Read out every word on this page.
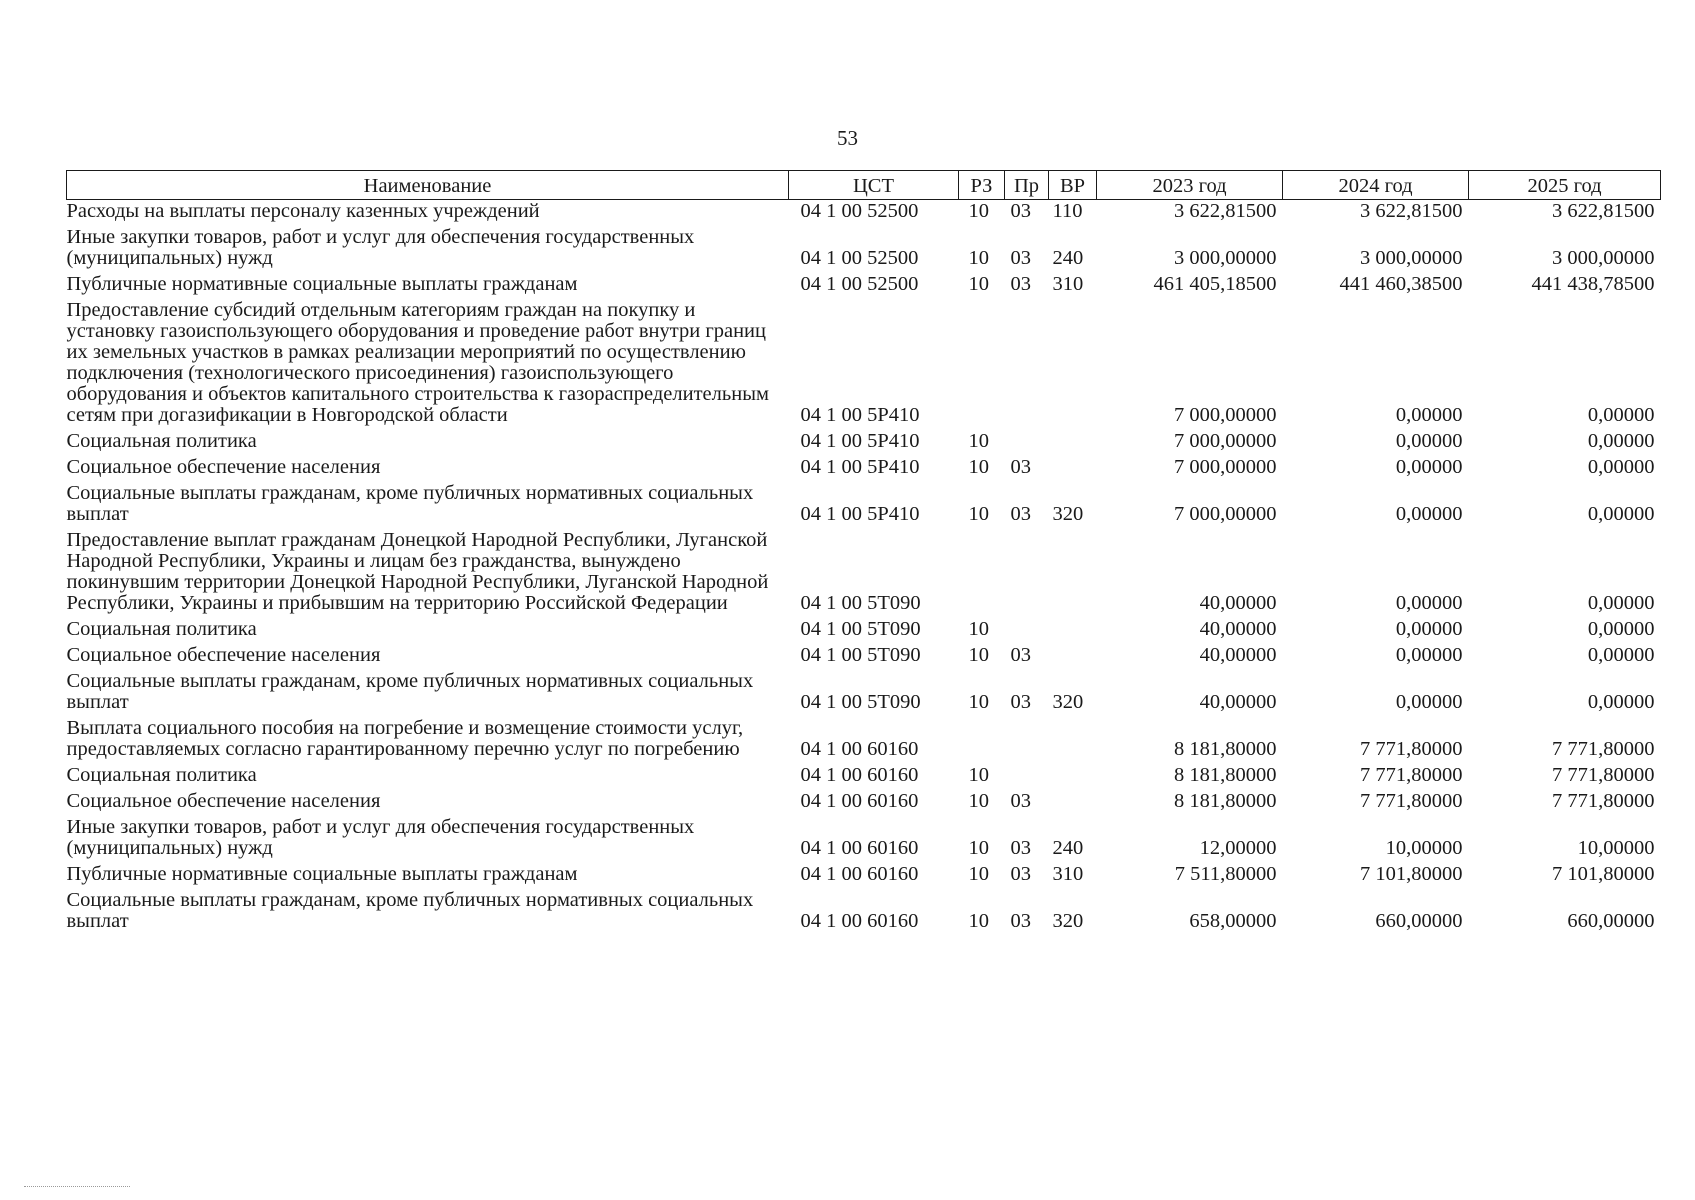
53
Наименование	ЦСТ	РЗ	Пр	ВР	2023 год	2024 год	2025 год
Расходы на выплаты персоналу казенных учреждений	04 1 00 52500	10	03	110	3 622,81500	3 622,81500	3 622,81500
Иные закупки товаров, работ и услуг для обеспечения государственных (муниципальных) нужд	04 1 00 52500	10	03	240	3 000,00000	3 000,00000	3 000,00000
Публичные нормативные социальные выплаты гражданам	04 1 00 52500	10	03	310	461 405,18500	441 460,38500	441 438,78500
Предоставление субсидий отдельным категориям граждан на покупку и установку газоиспользующего оборудования и проведение работ внутри границ их земельных участков в рамках реализации мероприятий по осуществлению подключения (технологического присоединения) газоиспользующего оборудования и объектов капитального строительства к газораспределительным сетям при догазификации в Новгородской области	04 1 00 5P410				7 000,00000	0,00000	0,00000
Социальная политика	04 1 00 5P410	10			7 000,00000	0,00000	0,00000
Социальное обеспечение населения	04 1 00 5P410	10	03		7 000,00000	0,00000	0,00000
Социальные выплаты гражданам, кроме публичных нормативных социальных выплат	04 1 00 5P410	10	03	320	7 000,00000	0,00000	0,00000
Предоставление выплат гражданам Донецкой Народной Республики, Луганской Народной Республики, Украины и лицам без гражданства, вынуждено покинувшим территории Донецкой Народной Республики, Луганской Народной Республики, Украины и прибывшим на территорию Российской Федерации	04 1 00 5T090				40,00000	0,00000	0,00000
Социальная политика	04 1 00 5T090	10			40,00000	0,00000	0,00000
Социальное обеспечение населения	04 1 00 5T090	10	03		40,00000	0,00000	0,00000
Социальные выплаты гражданам, кроме публичных нормативных социальных выплат	04 1 00 5T090	10	03	320	40,00000	0,00000	0,00000
Выплата социального пособия на погребение и возмещение стоимости услуг, предоставляемых согласно гарантированному перечню услуг по погребению	04 1 00 60160				8 181,80000	7 771,80000	7 771,80000
Социальная политика	04 1 00 60160	10			8 181,80000	7 771,80000	7 771,80000
Социальное обеспечение населения	04 1 00 60160	10	03		8 181,80000	7 771,80000	7 771,80000
Иные закупки товаров, работ и услуг для обеспечения государственных (муниципальных) нужд	04 1 00 60160	10	03	240	12,00000	10,00000	10,00000
Публичные нормативные социальные выплаты гражданам	04 1 00 60160	10	03	310	7 511,80000	7 101,80000	7 101,80000
Социальные выплаты гражданам, кроме публичных нормативных социальных выплат	04 1 00 60160	10	03	320	658,00000	660,00000	660,00000
